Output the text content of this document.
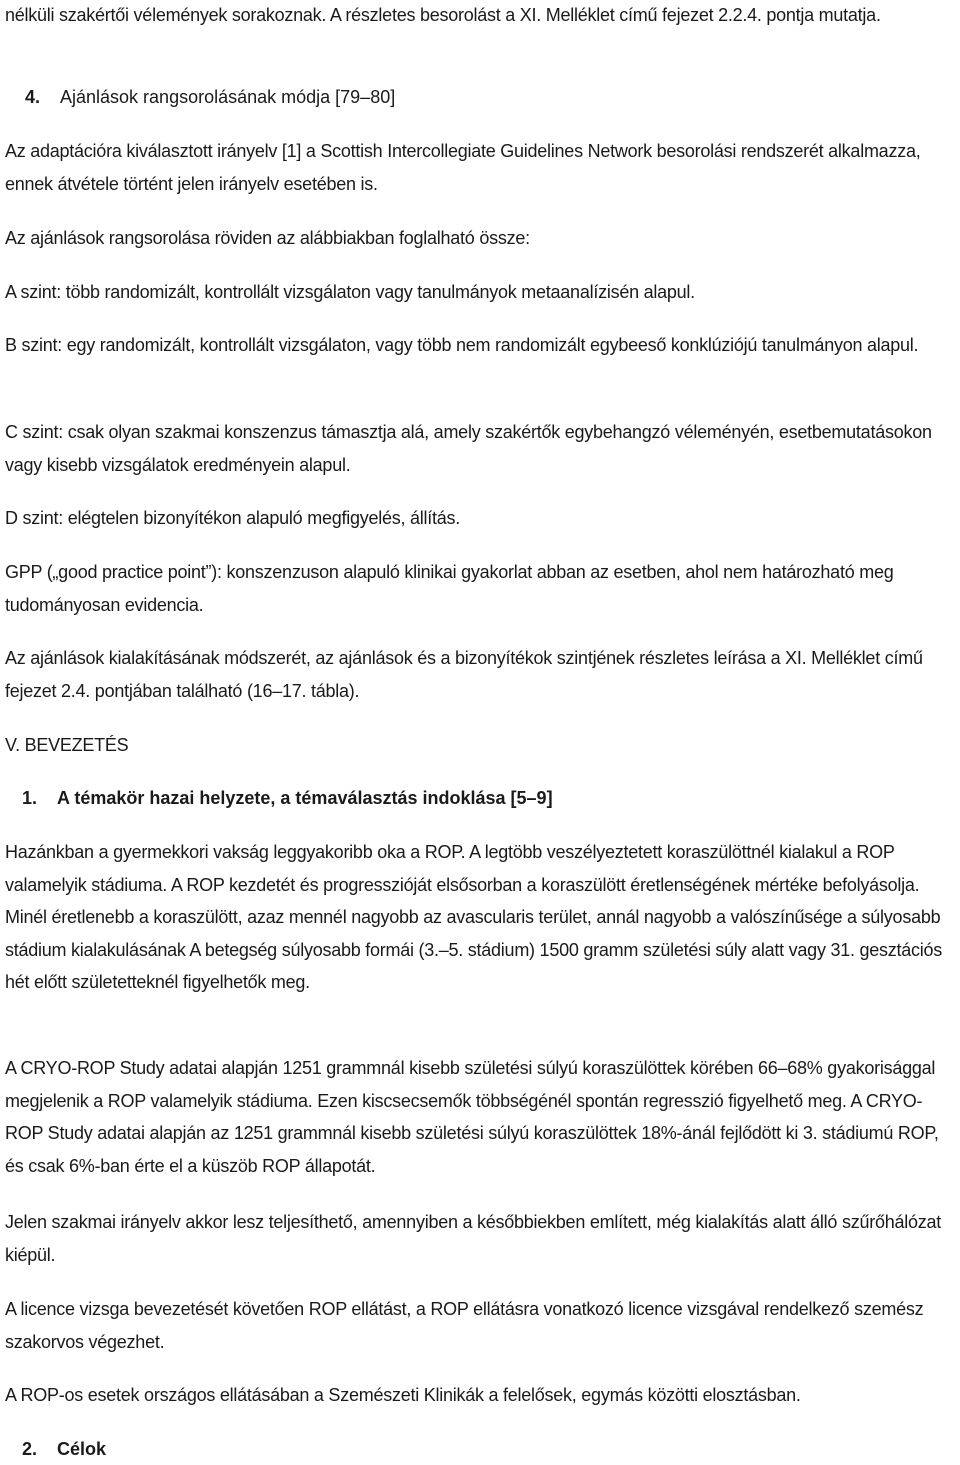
nélküli szakértői vélemények sorakoznak. A részletes besorolást a XI. Melléklet című fejezet 2.2.4. pontja mutatja.

4. Ajánlások rangsorolásának módja [79–80]

Az adaptációra kiválasztott irányelv [1] a Scottish Intercollegiate Guidelines Network besorolási rendszerét alkalmazza, ennek átvétele történt jelen irányelv esetében is.

Az ajánlások rangsorolása röviden az alábbiakban foglalható össze:

A szint: több randomizált, kontrollált vizsgálaton vagy tanulmányok metaanalízisén alapul.

B szint: egy randomizált, kontrollált vizsgálaton, vagy több nem randomizált egybeeső konklúziójú tanulmányon alapul.

C szint: csak olyan szakmai konszenzus támasztja alá, amely szakértők egybehangzó véleményén, esetbemutatásokon vagy kisebb vizsgálatok eredményein alapul.

D szint: elégtelen bizonyítékon alapuló megfigyelés, állítás.

GPP („good practice point”): konszenzuson alapuló klinikai gyakorlat abban az esetben, ahol nem határozható meg tudományosan evidencia.

Az ajánlások kialakításának módszerét, az ajánlások és a bizonyítékok szintjének részletes leírása a XI. Melléklet című fejezet 2.4. pontjában található (16–17. tábla).

V. BEVEZETÉS

1. A témakör hazai helyzete, a témaválasztás indoklása [5–9]

Hazánkban a gyermekkori vakság leggyakoribb oka a ROP. A legtöbb veszélyeztetett koraszülöttnél kialakul a ROP valamelyik stádiuma. A ROP kezdetét és progresszióját elsősorban a koraszülött éretlenségének mértéke befolyásolja. Minél éretlenebb a koraszülött, azaz mennél nagyobb az avascularis terület, annál nagyobb a valószínűsége a súlyosabb stádium kialakulásának A betegség súlyosabb formái (3.–5. stádium) 1500 gramm születési súly alatt vagy 31. gesztációs hét előtt születetteknél figyelhetők meg.

A CRYO-ROP Study adatai alapján 1251 grammnál kisebb születési súlyú koraszülöttek körében 66–68% gyakorisággal megjelenik a ROP valamelyik stádiuma. Ezen kiscsecsemők többségénél spontán regresszió figyelhető meg. A CRYO-ROP Study adatai alapján az 1251 grammnál kisebb születési súlyú koraszülöttek 18%-ánál fejlődött ki 3. stádiumú ROP, és csak 6%-ban érte el a küszöb ROP állapotát.

Jelen szakmai irányelv akkor lesz teljesíthető, amennyiben a későbbiekben említett, még kialakítás alatt álló szűrőhálózat kiépül.

A licence vizsga bevezetését követően ROP ellátást, a ROP ellátásra vonatkozó licence vizsgával rendelkező szemész szakorvos végezhet.

A ROP-os esetek országos ellátásában a Szemészeti Klinikák a felelősek, egymás közötti elosztásban.

2. Célok
